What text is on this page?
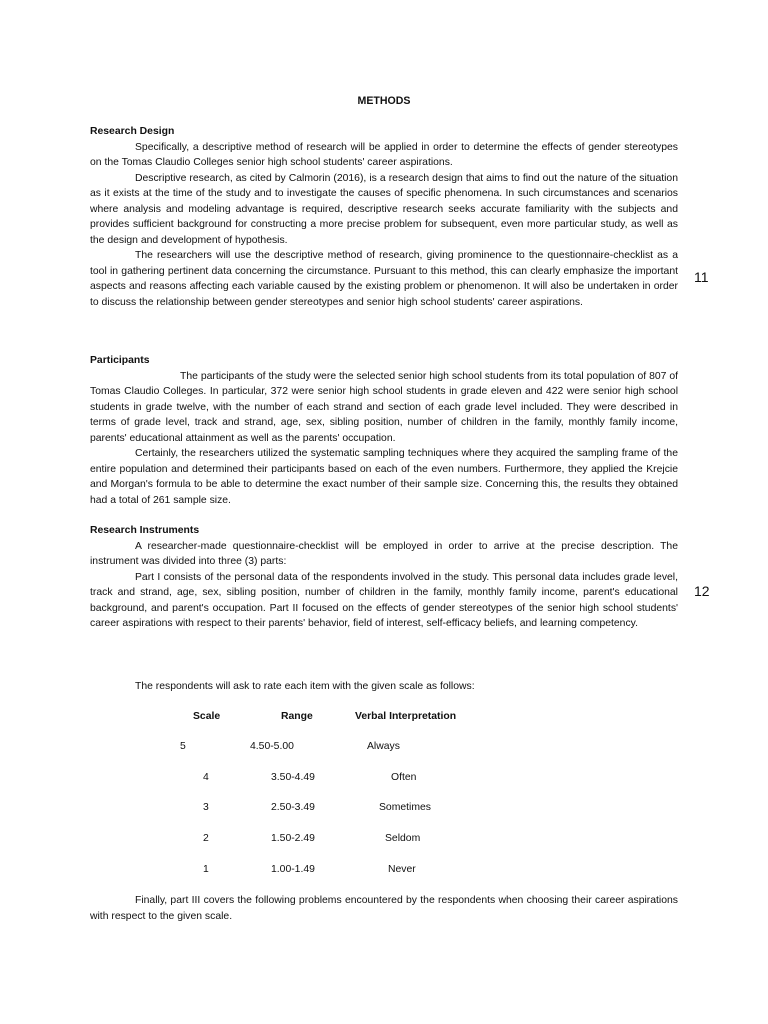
METHODS

Research Design

Specifically, a descriptive method of research will be applied in order to determine the effects of gender stereotypes on the Tomas Claudio Colleges senior high school students' career aspirations.

Descriptive research, as cited by Calmorin (2016), is a research design that aims to find out the nature of the situation as it exists at the time of the study and to investigate the causes of specific phenomena. In such circumstances and scenarios where analysis and modeling advantage is required, descriptive research seeks accurate familiarity with the subjects and provides sufficient background for constructing a more precise problem for subsequent, even more particular study, as well as the design and development of hypothesis.

The researchers will use the descriptive method of research, giving prominence to the questionnaire-checklist as a tool in gathering pertinent data concerning the circumstance. Pursuant to this method, this can clearly emphasize the important aspects and reasons affecting each variable caused by the existing problem or phenomenon. It will also be undertaken in order to discuss the relationship between gender stereotypes and senior high school students' career aspirations.

11

Participants

The participants of the study were the selected senior high school students from its total population of 807 of Tomas Claudio Colleges. In particular, 372 were senior high school students in grade eleven and 422 were senior high school students in grade twelve, with the number of each strand and section of each grade level included. They were described in terms of grade level, track and strand, age, sex, sibling position, number of children in the family, monthly family income, parents' educational attainment as well as the parents' occupation.

Certainly, the researchers utilized the systematic sampling techniques where they acquired the sampling frame of the entire population and determined their participants based on each of the even numbers. Furthermore, they applied the Krejcie and Morgan's formula to be able to determine the exact number of their sample size. Concerning this, the results they obtained had a total of 261 sample size.

Research Instruments

A researcher-made questionnaire-checklist will be employed in order to arrive at the precise description. The instrument was divided into three (3) parts:

Part I consists of the personal data of the respondents involved in the study. This personal data includes grade level, track and strand, age, sex, sibling position, number of children in the family, monthly family income, parent's educational background, and parent's occupation. Part II focused on the effects of gender stereotypes of the senior high school students' career aspirations with respect to their parents' behavior, field of interest, self-efficacy beliefs, and learning competency.

12

The respondents will ask to rate each item with the given scale as follows:

Scale	Range	Verbal Interpretation

5	4.50-5.00	Always

4	3.50-4.49	Often

3	2.50-3.49	Sometimes

2	1.50-2.49	Seldom

1	1.00-1.49	Never

Finally, part III covers the following problems encountered by the respondents when choosing their career aspirations with respect to the given scale.
